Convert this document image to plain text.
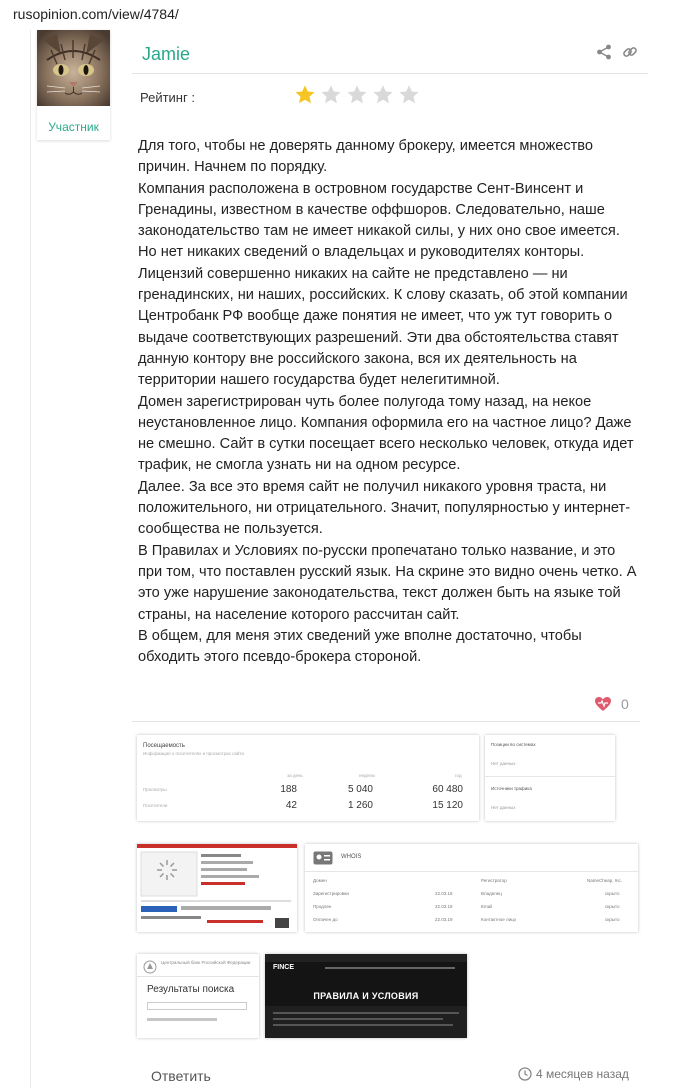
rusopinion.com/view/4784/
Участник
Jamie
Рейтинг :

Для того, чтобы не доверять данному брокеру, имеется множество причин. Начнем по порядку.

Компания расположена в островном государстве Сент-Винсент и Гренадины, известном в качестве оффшоров. Следовательно, наше законодательство там не имеет никакой силы, у них оно свое имеется. Но нет никаких сведений о владельцах и руководителях конторы.

Лицензий совершенно никаких на сайте не представлено — ни гренадинских, ни наших, российских. К слову сказать, об этой компании Центробанк РФ вообще даже понятия не имеет, что уж тут говорить о выдаче соответствующих разрешений. Эти два обстоятельства ставят данную контору вне российского закона, вся их деятельность на территории нашего государства будет нелегитимной.

Домен зарегистрирован чуть более полугода тому назад, на некое неустановленное лицо. Компания оформила его на частное лицо? Даже не смешно. Сайт в сутки посещает всего несколько человек, откуда идет трафик, не смогла узнать ни на одном ресурсе.

Далее. За все это время сайт не получил никакого уровня траста, ни положительного, ни отрицательного. Значит, популярностью у интернет-сообщества не пользуется.

В Правилах и Условиях по-русски пропечатано только название, и это при том, что поставлен русский язык. На скрине это видно очень четко. А это уже нарушение законодательства, текст должен быть на языке той страны, на население которого рассчитан сайт.

В общем, для меня этих сведений уже вполне достаточно, чтобы обходить этого псевдо-брокера стороной.

0
Посещаемость
Информация о посетителях и просмотрах сайта
за день	неделю	год
Просмотры	188	5 040	60 480
Посетители	42	1 260	15 120
Позиции во системах
Нет данных
Источники трафика
Нет данных
WHOIS
Домен
Зарегистрирован	22.03.18
Продлен	22.03.18
Оплачен до	22.03.19
Регистратор	NameCheap, Inc.
Владелец	скрыто
Email	скрыто
Контактное лицо	скрыто
Центральный банк Российской Федерации
Результаты поиска
FINCE
ПРАВИЛА И УСЛОВИЯ
Ответить	4 месяцев назад
